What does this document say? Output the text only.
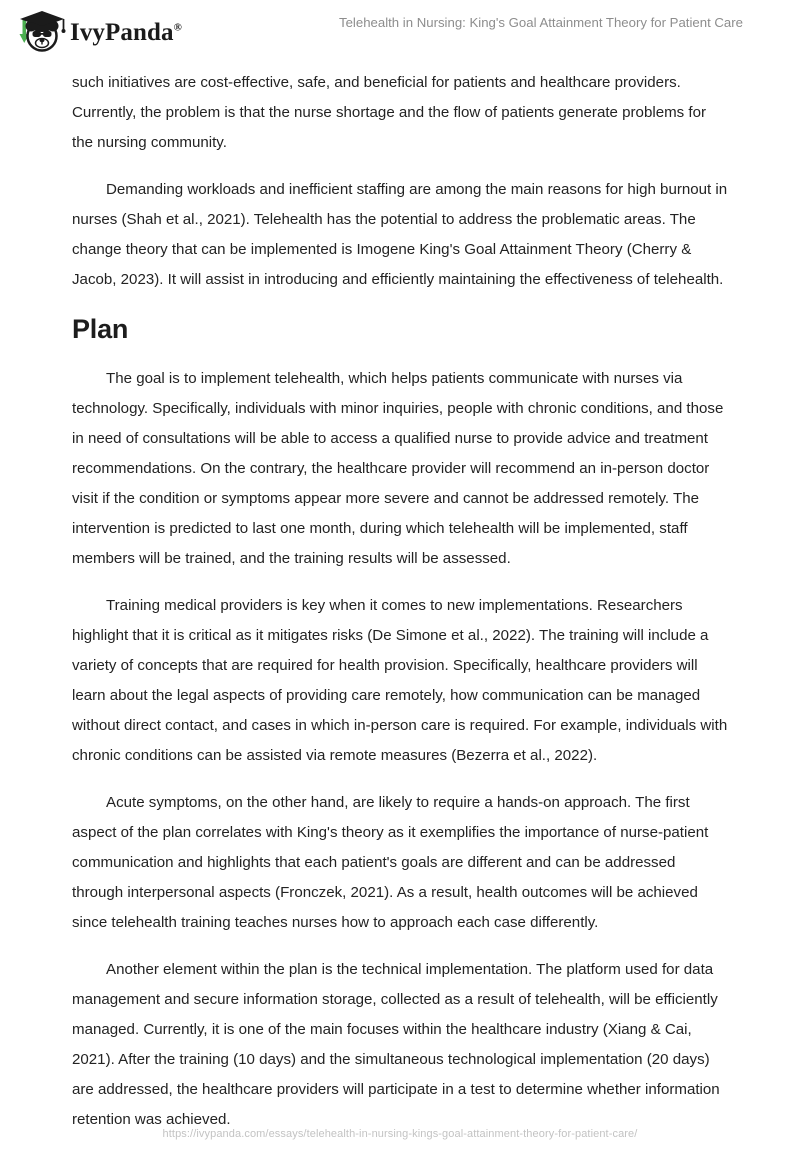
IvyPanda®	Telehealth in Nursing: King's Goal Attainment Theory for Patient Care

such initiatives are cost-effective, safe, and beneficial for patients and healthcare providers. Currently, the problem is that the nurse shortage and the flow of patients generate problems for the nursing community.

Demanding workloads and inefficient staffing are among the main reasons for high burnout in nurses (Shah et al., 2021). Telehealth has the potential to address the problematic areas. The change theory that can be implemented is Imogene King's Goal Attainment Theory (Cherry & Jacob, 2023). It will assist in introducing and efficiently maintaining the effectiveness of telehealth.

Plan

The goal is to implement telehealth, which helps patients communicate with nurses via technology. Specifically, individuals with minor inquiries, people with chronic conditions, and those in need of consultations will be able to access a qualified nurse to provide advice and treatment recommendations. On the contrary, the healthcare provider will recommend an in-person doctor visit if the condition or symptoms appear more severe and cannot be addressed remotely. The intervention is predicted to last one month, during which telehealth will be implemented, staff members will be trained, and the training results will be assessed.

Training medical providers is key when it comes to new implementations. Researchers highlight that it is critical as it mitigates risks (De Simone et al., 2022). The training will include a variety of concepts that are required for health provision. Specifically, healthcare providers will learn about the legal aspects of providing care remotely, how communication can be managed without direct contact, and cases in which in-person care is required. For example, individuals with chronic conditions can be assisted via remote measures (Bezerra et al., 2022).

Acute symptoms, on the other hand, are likely to require a hands-on approach. The first aspect of the plan correlates with King's theory as it exemplifies the importance of nurse-patient communication and highlights that each patient's goals are different and can be addressed through interpersonal aspects (Fronczek, 2021). As a result, health outcomes will be achieved since telehealth training teaches nurses how to approach each case differently.

Another element within the plan is the technical implementation. The platform used for data management and secure information storage, collected as a result of telehealth, will be efficiently managed. Currently, it is one of the main focuses within the healthcare industry (Xiang & Cai, 2021). After the training (10 days) and the simultaneous technological implementation (20 days) are addressed, the healthcare providers will participate in a test to determine whether information retention was achieved.

https://ivypanda.com/essays/telehealth-in-nursing-kings-goal-attainment-theory-for-patient-care/
